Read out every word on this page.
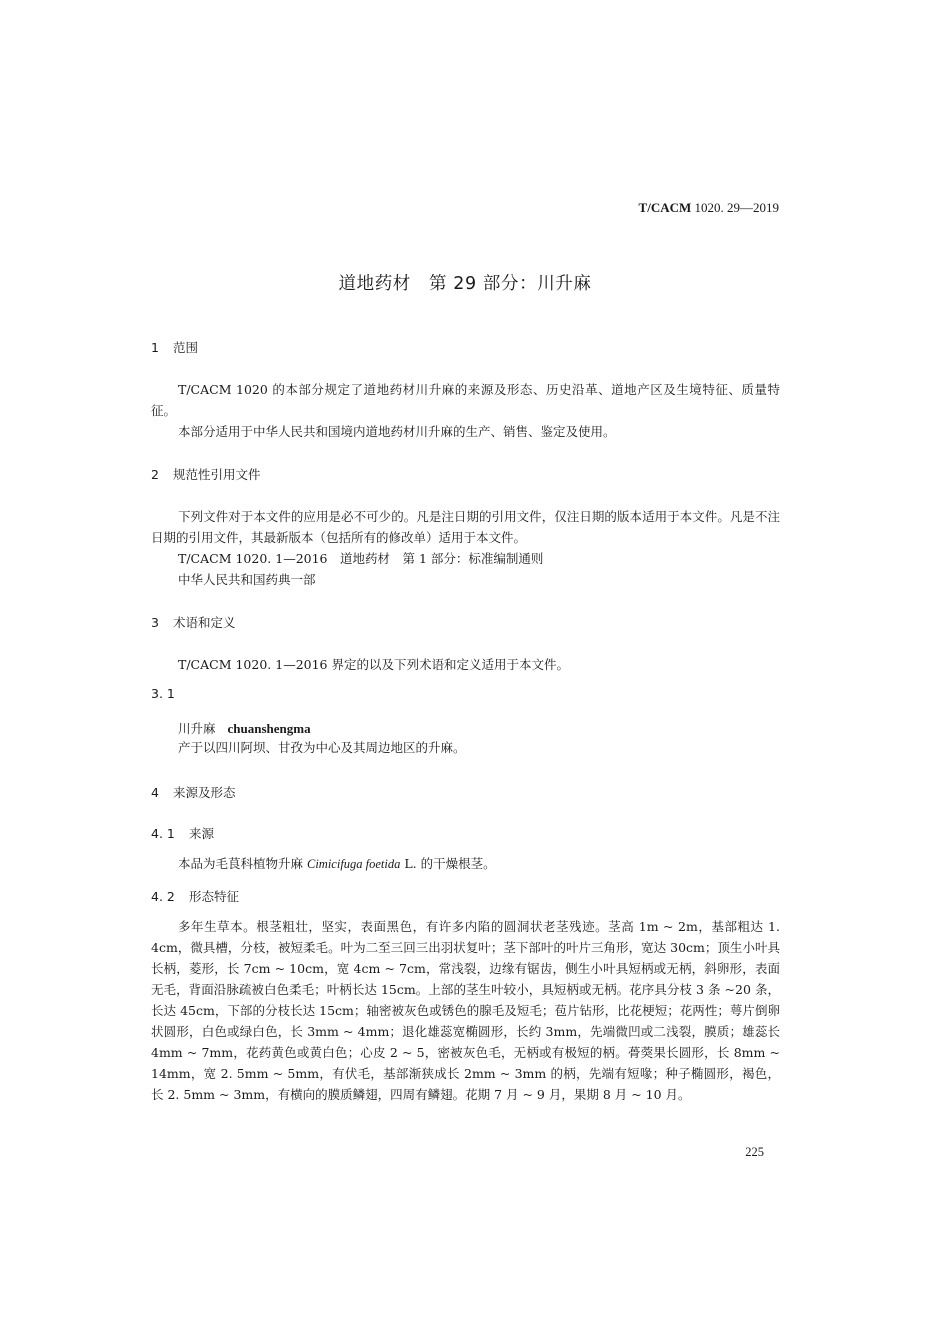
T/CACM 1020. 29—2019
道地药材　第 29 部分：川升麻
1 范围

T/CACM 1020 的本部分规定了道地药材川升麻的来源及形态、历史沿革、道地产区及生境特征、质量特征。

本部分适用于中华人民共和国境内道地药材川升麻的生产、销售、鉴定及使用。

2 规范性引用文件

下列文件对于本文件的应用是必不可少的。凡是注日期的引用文件，仅注日期的版本适用于本文件。凡是不注日期的引用文件，其最新版本（包括所有的修改单）适用于本文件。

T/CACM 1020. 1—2016　道地药材　第 1 部分：标准编制通则

中华人民共和国药典一部

3 术语和定义

T/CACM 1020. 1—2016 界定的以及下列术语和定义适用于本文件。

3. 1
川升麻 chuanshengma

产于以四川阿坝、甘孜为中心及其周边地区的升麻。

4 来源及形态
4. 1 来源

本品为毛茛科植物升麻 Cimicifuga foetida L. 的干燥根茎。

4. 2 形态特征

多年生草本。根茎粗壮，坚实，表面黑色，有许多内陷的圆洞状老茎残迹。茎高 1m ~ 2m，基部粗达 1. 4cm，微具槽，分枝，被短柔毛。叶为二至三回三出羽状复叶；茎下部叶的叶片三角形，宽达 30cm；顶生小叶具长柄，菱形，长 7cm ~ 10cm，宽 4cm ~ 7cm，常浅裂，边缘有锯齿，侧生小叶具短柄或无柄，斜卵形，表面无毛，背面沿脉疏被白色柔毛；叶柄长达 15cm。上部的茎生叶较小，具短柄或无柄。花序具分枝 3 条 ~20 条，长达 45cm，下部的分枝长达 15cm；轴密被灰色或锈色的腺毛及短毛；苞片钻形，比花梗短；花两性；萼片倒卵状圆形，白色或绿白色，长 3mm ~ 4mm；退化雄蕊宽椭圆形，长约 3mm，先端微凹或二浅裂，膜质；雄蕊长 4mm ~ 7mm，花药黄色或黄白色；心皮 2 ~ 5，密被灰色毛，无柄或有极短的柄。蓇葖果长圆形，长 8mm ~ 14mm，宽 2. 5mm ~ 5mm，有伏毛，基部渐狭成长 2mm ~ 3mm 的柄，先端有短喙；种子椭圆形，褐色，长 2. 5mm ~ 3mm，有横向的膜质鳞翅，四周有鳞翅。花期 7 月 ~ 9 月，果期 8 月 ~ 10 月。

225
